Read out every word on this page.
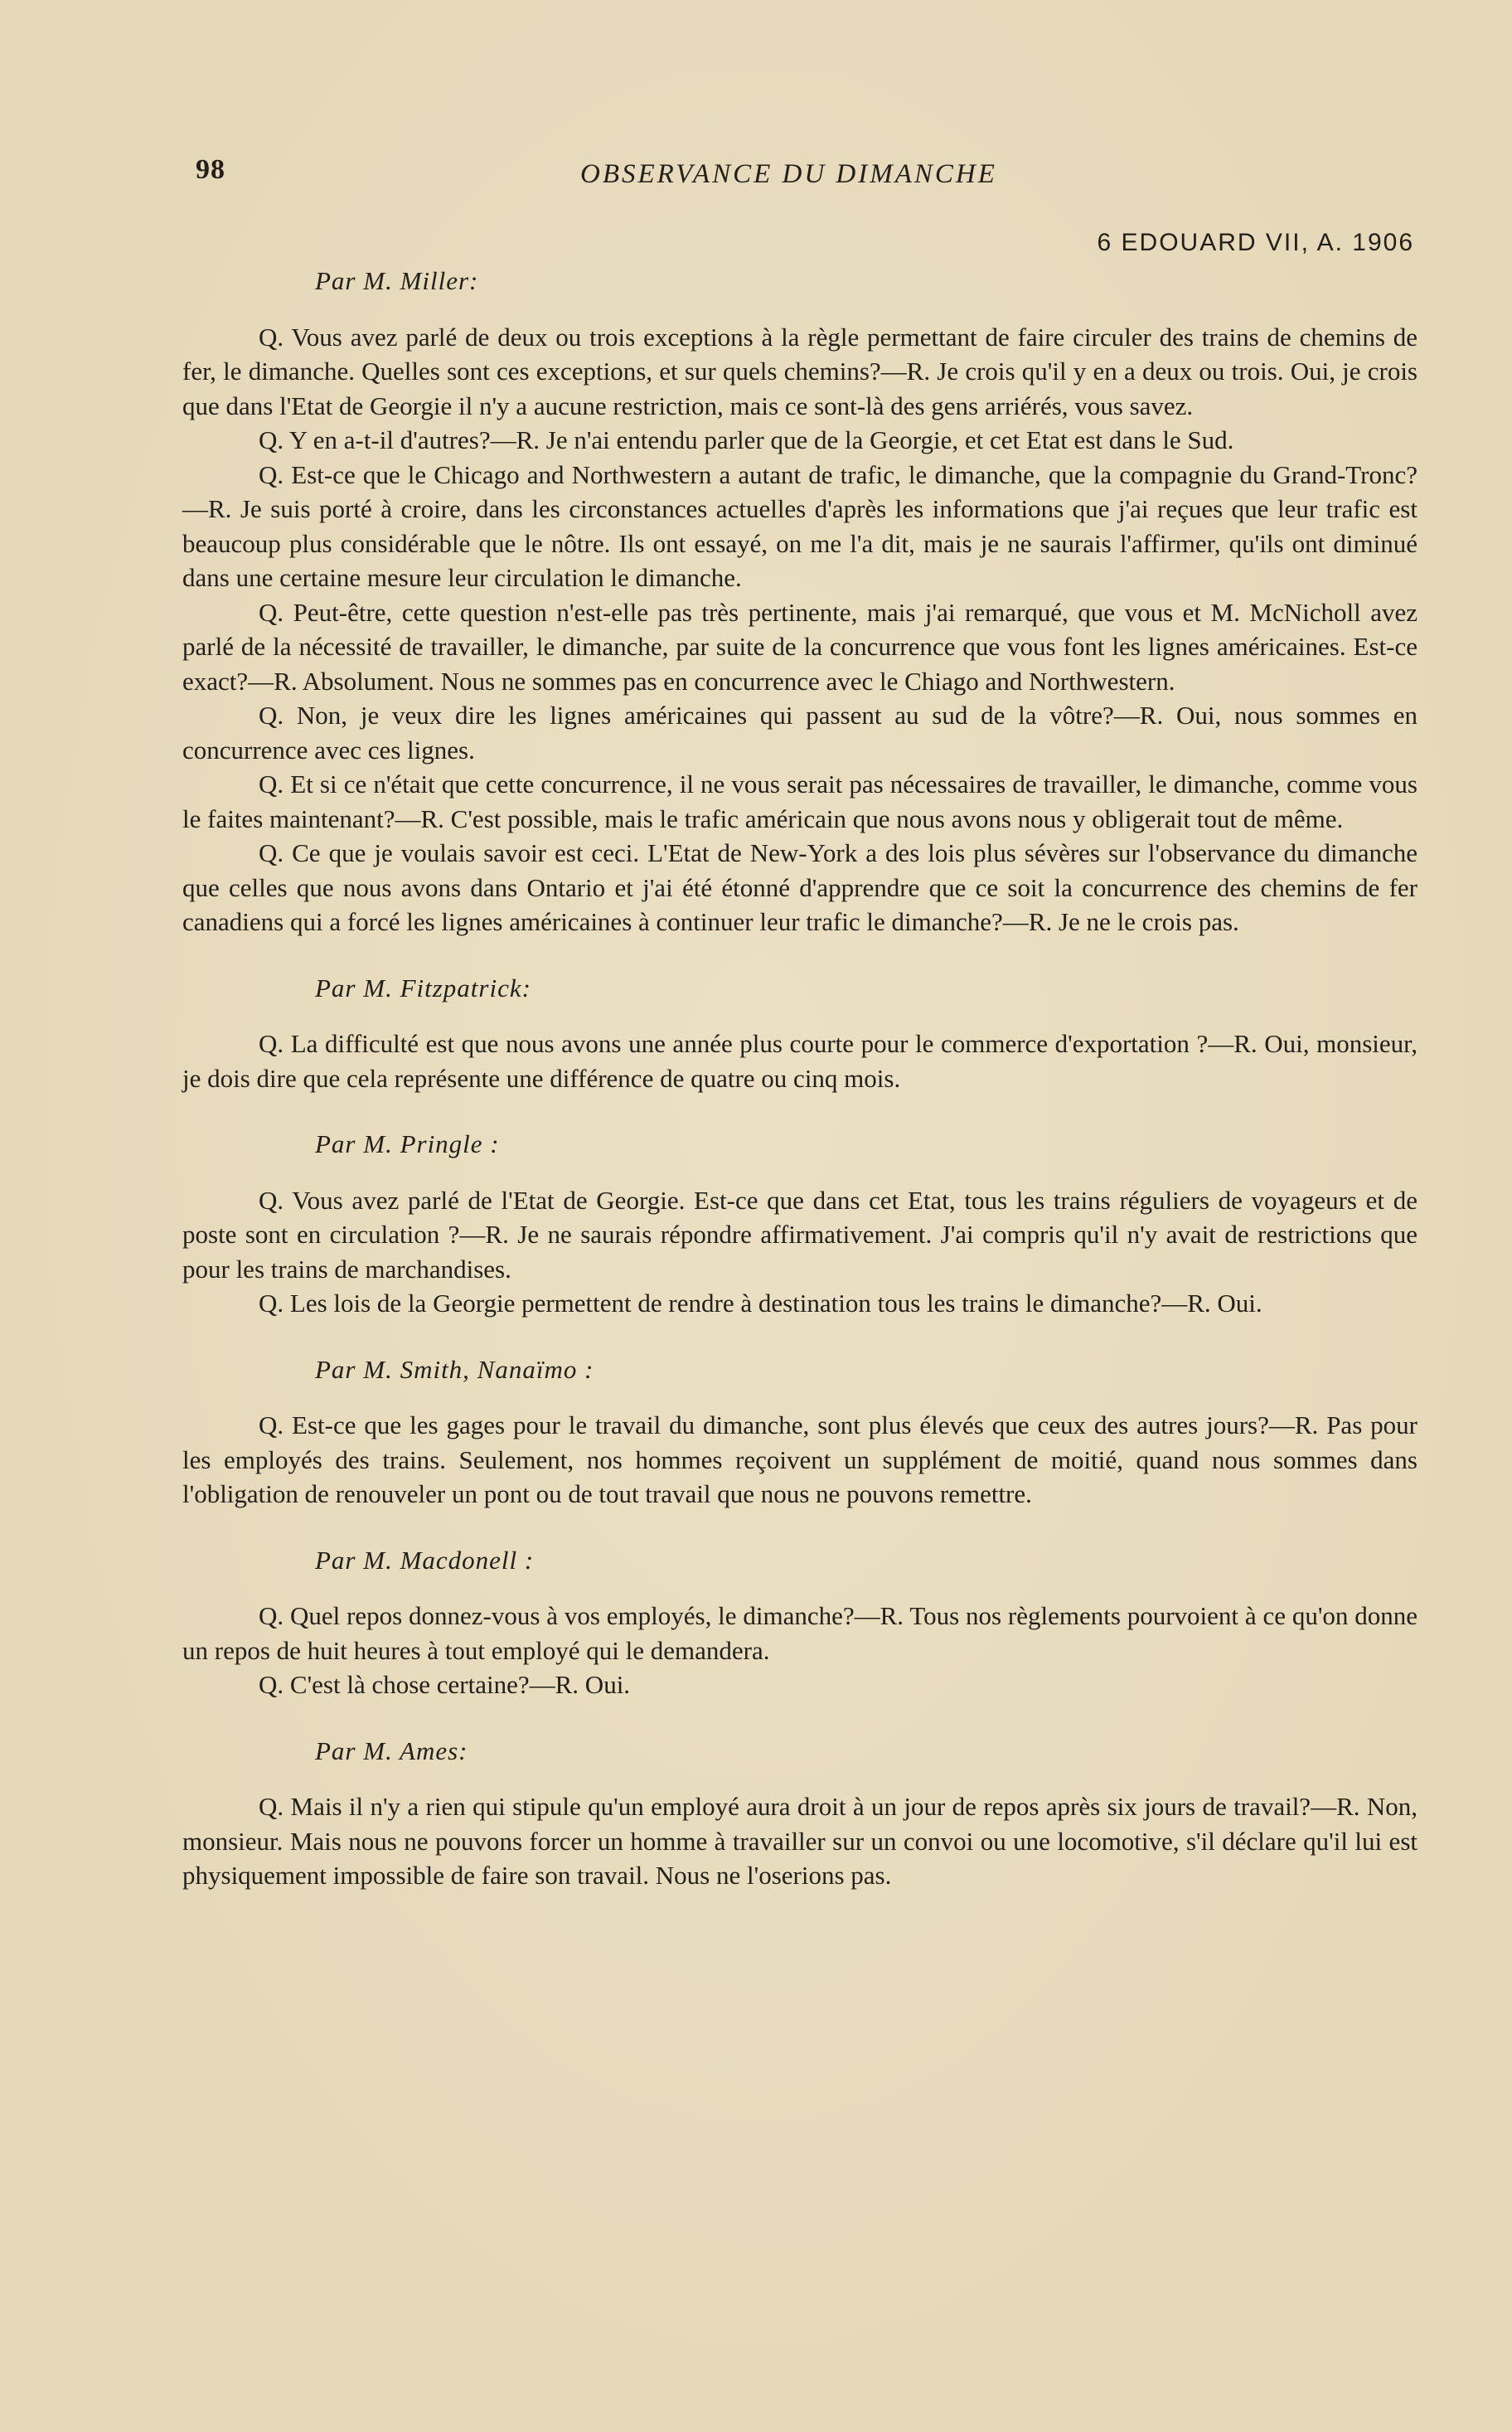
98	OBSERVANCE DU DIMANCHE
6 EDOUARD VII, A. 1906

Par M. Miller:

Q. Vous avez parlé de deux ou trois exceptions à la règle permettant de faire circuler des trains de chemins de fer, le dimanche. Quelles sont ces exceptions, et sur quels chemins?—R. Je crois qu'il y en a deux ou trois. Oui, je crois que dans l'Etat de Georgie il n'y a aucune restriction, mais ce sont-là des gens arriérés, vous savez.

Q. Y en a-t-il d'autres?—R. Je n'ai entendu parler que de la Georgie, et cet Etat est dans le Sud.

Q. Est-ce que le Chicago and Northwestern a autant de trafic, le dimanche, que la compagnie du Grand-Tronc?—R. Je suis porté à croire, dans les circonstances actuelles d'après les informations que j'ai reçues que leur trafic est beaucoup plus considérable que le nôtre. Ils ont essayé, on me l'a dit, mais je ne saurais l'affirmer, qu'ils ont diminué dans une certaine mesure leur circulation le dimanche.

Q. Peut-être, cette question n'est-elle pas très pertinente, mais j'ai remarqué, que vous et M. McNicholl avez parlé de la nécessité de travailler, le dimanche, par suite de la concurrence que vous font les lignes américaines. Est-ce exact?—R. Absolument. Nous ne sommes pas en concurrence avec le Chiago and Northwestern.

Q. Non, je veux dire les lignes américaines qui passent au sud de la vôtre?—R. Oui, nous sommes en concurrence avec ces lignes.

Q. Et si ce n'était que cette concurrence, il ne vous serait pas nécessaires de travailler, le dimanche, comme vous le faites maintenant?—R. C'est possible, mais le trafic américain que nous avons nous y obligerait tout de même.

Q. Ce que je voulais savoir est ceci. L'Etat de New-York a des lois plus sévères sur l'observance du dimanche que celles que nous avons dans Ontario et j'ai été étonné d'apprendre que ce soit la concurrence des chemins de fer canadiens qui a forcé les lignes américaines à continuer leur trafic le dimanche?—R. Je ne le crois pas.

Par M. Fitzpatrick:

Q. La difficulté est que nous avons une année plus courte pour le commerce d'exportation ?—R. Oui, monsieur, je dois dire que cela représente une différence de quatre ou cinq mois.

Par M. Pringle :

Q. Vous avez parlé de l'Etat de Georgie. Est-ce que dans cet Etat, tous les trains réguliers de voyageurs et de poste sont en circulation ?—R. Je ne saurais répondre affirmativement. J'ai compris qu'il n'y avait de restrictions que pour les trains de marchandises.

Q. Les lois de la Georgie permettent de rendre à destination tous les trains le dimanche?—R. Oui.

Par M. Smith, Nanaïmo :

Q. Est-ce que les gages pour le travail du dimanche, sont plus élevés que ceux des autres jours?—R. Pas pour les employés des trains. Seulement, nos hommes reçoivent un supplément de moitié, quand nous sommes dans l'obligation de renouveler un pont ou de tout travail que nous ne pouvons remettre.

Par M. Macdonell :

Q. Quel repos donnez-vous à vos employés, le dimanche?—R. Tous nos règlements pourvoient à ce qu'on donne un repos de huit heures à tout employé qui le demandera.

Q. C'est là chose certaine?—R. Oui.

Par M. Ames:

Q. Mais il n'y a rien qui stipule qu'un employé aura droit à un jour de repos après six jours de travail?—R. Non, monsieur. Mais nous ne pouvons forcer un homme à travailler sur un convoi ou une locomotive, s'il déclare qu'il lui est physiquement impossible de faire son travail. Nous ne l'oserions pas.
